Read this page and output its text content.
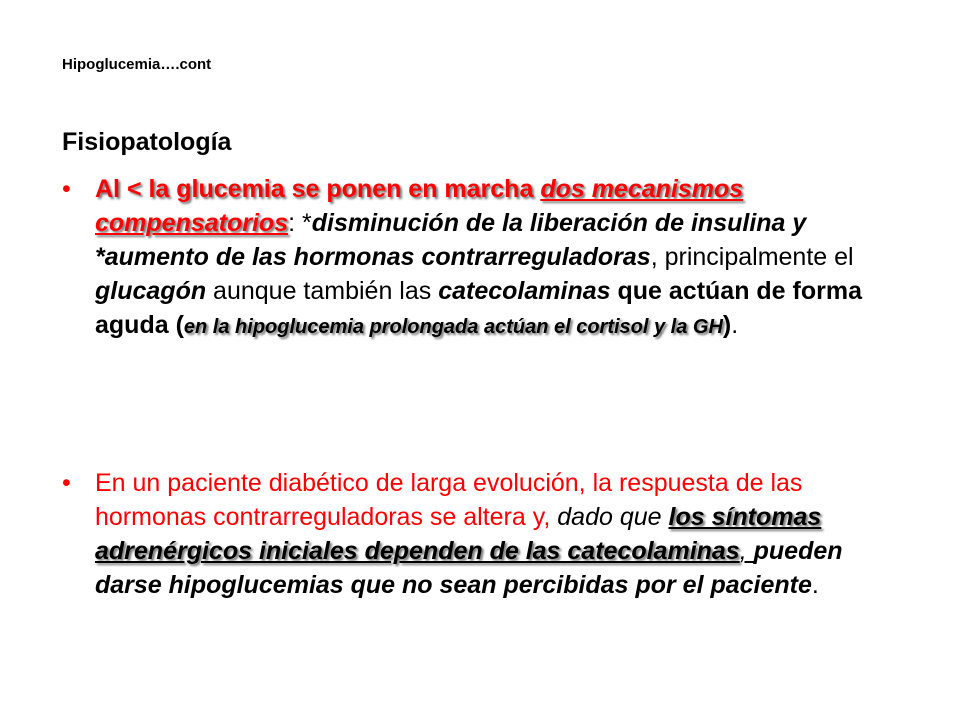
Hipoglucemia….cont
Fisiopatología
• Al < la glucemia se ponen en marcha dos mecanismos compensatorios: *disminución de la liberación de insulina y *aumento de las hormonas contrarreguladoras, principalmente el glucagón aunque también las catecolaminas que actúan de forma aguda (en la hipoglucemia prolongada actúan el cortisol y la GH).
• En un paciente diabético de larga evolución, la respuesta de las hormonas contrarreguladoras se altera y, dado que los síntomas adrenérgicos iniciales dependen de las catecolaminas, pueden darse hipoglucemias que no sean percibidas por el paciente.
